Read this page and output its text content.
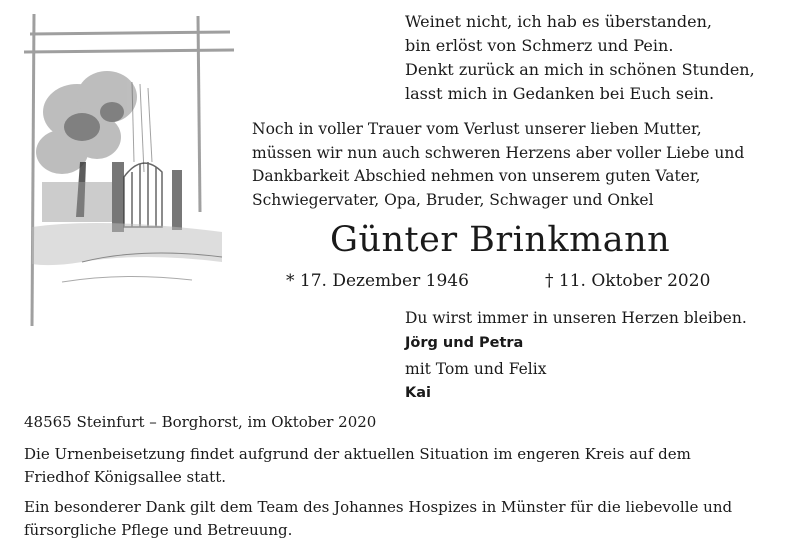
Weinet nicht, ich hab es überstanden,
bin erlöst von Schmerz und Pein.
Denkt zurück an mich in schönen Stunden,
lasst mich in Gedanken bei Euch sein.
Noch in voller Trauer vom Verlust unserer lieben Mutter,
müssen wir nun auch schweren Herzens aber voller Liebe und
Dankbarkeit Abschied nehmen von unserem guten Vater,
Schwiegervater, Opa, Bruder, Schwager und Onkel
Günter Brinkmann
* 17. Dezember 1946	† 11. Oktober 2020
Du wirst immer in unseren Herzen bleiben.
Jörg und Petra
mit Tom und Felix
Kai
48565 Steinfurt – Borghorst, im Oktober 2020
Die Urnenbeisetzung findet aufgrund der aktuellen Situation im engeren Kreis auf dem
Friedhof Königsallee statt.
Ein besonderer Dank gilt dem Team des Johannes Hospizes in Münster für die liebevolle und
fürsorgliche Pflege und Betreuung.
